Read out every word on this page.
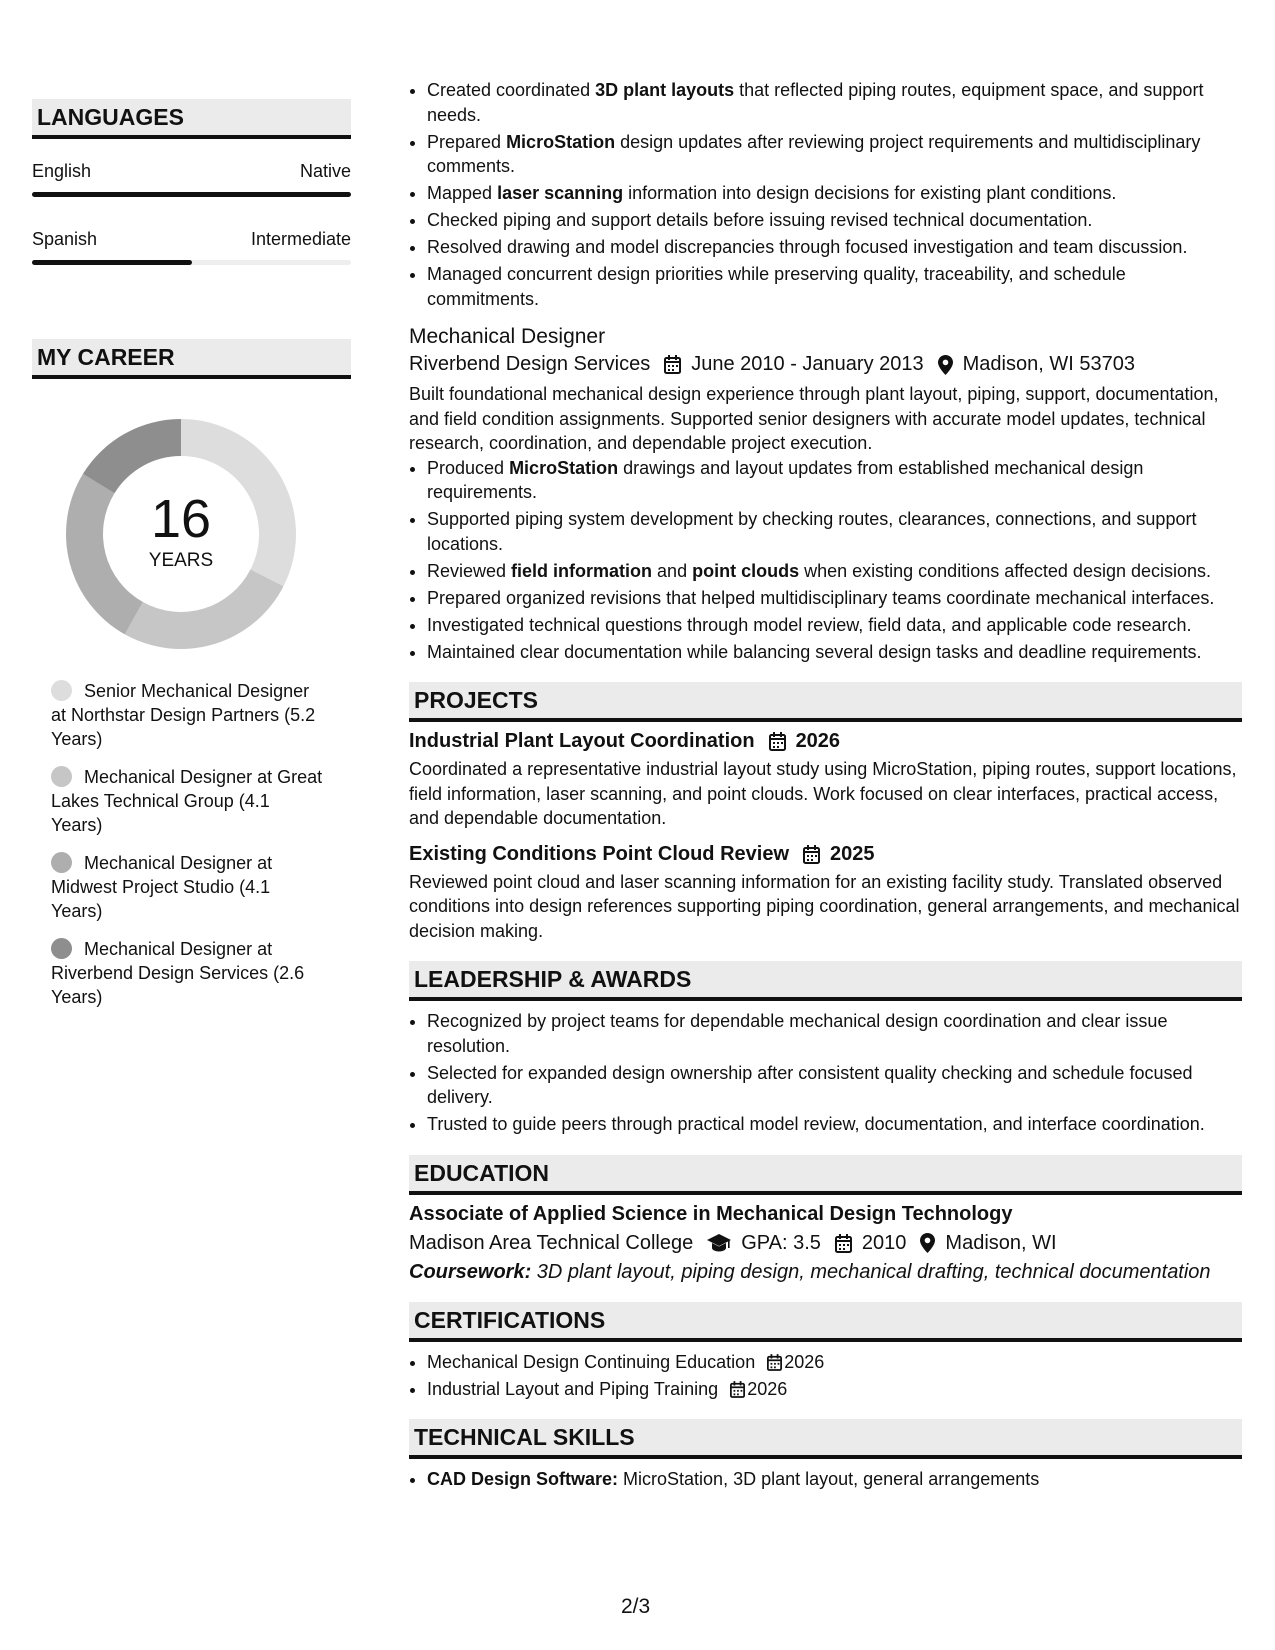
LANGUAGES
English	Native
Spanish	Intermediate
MY CAREER
16
YEARS
Senior Mechanical Designer at Northstar Design Partners (5.2 Years)
Mechanical Designer at Great Lakes Technical Group (4.1 Years)
Mechanical Designer at Midwest Project Studio (4.1 Years)
Mechanical Designer at Riverbend Design Services (2.6 Years)
• Created coordinated 3D plant layouts that reflected piping routes, equipment space, and support needs.
• Prepared MicroStation design updates after reviewing project requirements and multidisciplinary comments.
• Mapped laser scanning information into design decisions for existing plant conditions.
• Checked piping and support details before issuing revised technical documentation.
• Resolved drawing and model discrepancies through focused investigation and team discussion.
• Managed concurrent design priorities while preserving quality, traceability, and schedule commitments.
Mechanical Designer
Riverbend Design Services June 2010 - January 2013 Madison, WI 53703

Built foundational mechanical design experience through plant layout, piping, support, documentation, and field condition assignments. Supported senior designers with accurate model updates, technical research, coordination, and dependable project execution.

• Produced MicroStation drawings and layout updates from established mechanical design requirements.
• Supported piping system development by checking routes, clearances, connections, and support locations.
• Reviewed field information and point clouds when existing conditions affected design decisions.
• Prepared organized revisions that helped multidisciplinary teams coordinate mechanical interfaces.
• Investigated technical questions through model review, field data, and applicable code research.
• Maintained clear documentation while balancing several design tasks and deadline requirements.
PROJECTS
Industrial Plant Layout Coordination 2026

Coordinated a representative industrial layout study using MicroStation, piping routes, support locations, field information, laser scanning, and point clouds. Work focused on clear interfaces, practical access, and dependable documentation.

Existing Conditions Point Cloud Review 2025

Reviewed point cloud and laser scanning information for an existing facility study. Translated observed conditions into design references supporting piping coordination, general arrangements, and mechanical decision making.

LEADERSHIP & AWARDS
• Recognized by project teams for dependable mechanical design coordination and clear issue resolution.
• Selected for expanded design ownership after consistent quality checking and schedule focused delivery.
• Trusted to guide peers through practical model review, documentation, and interface coordination.
EDUCATION
Associate of Applied Science in Mechanical Design Technology
Madison Area Technical College GPA: 3.5 2010 Madison, WI
Coursework: 3D plant layout, piping design, mechanical drafting, technical documentation
CERTIFICATIONS
• Mechanical Design Continuing Education 2026
• Industrial Layout and Piping Training 2026
TECHNICAL SKILLS
• CAD Design Software: MicroStation, 3D plant layout, general arrangements
2/3
